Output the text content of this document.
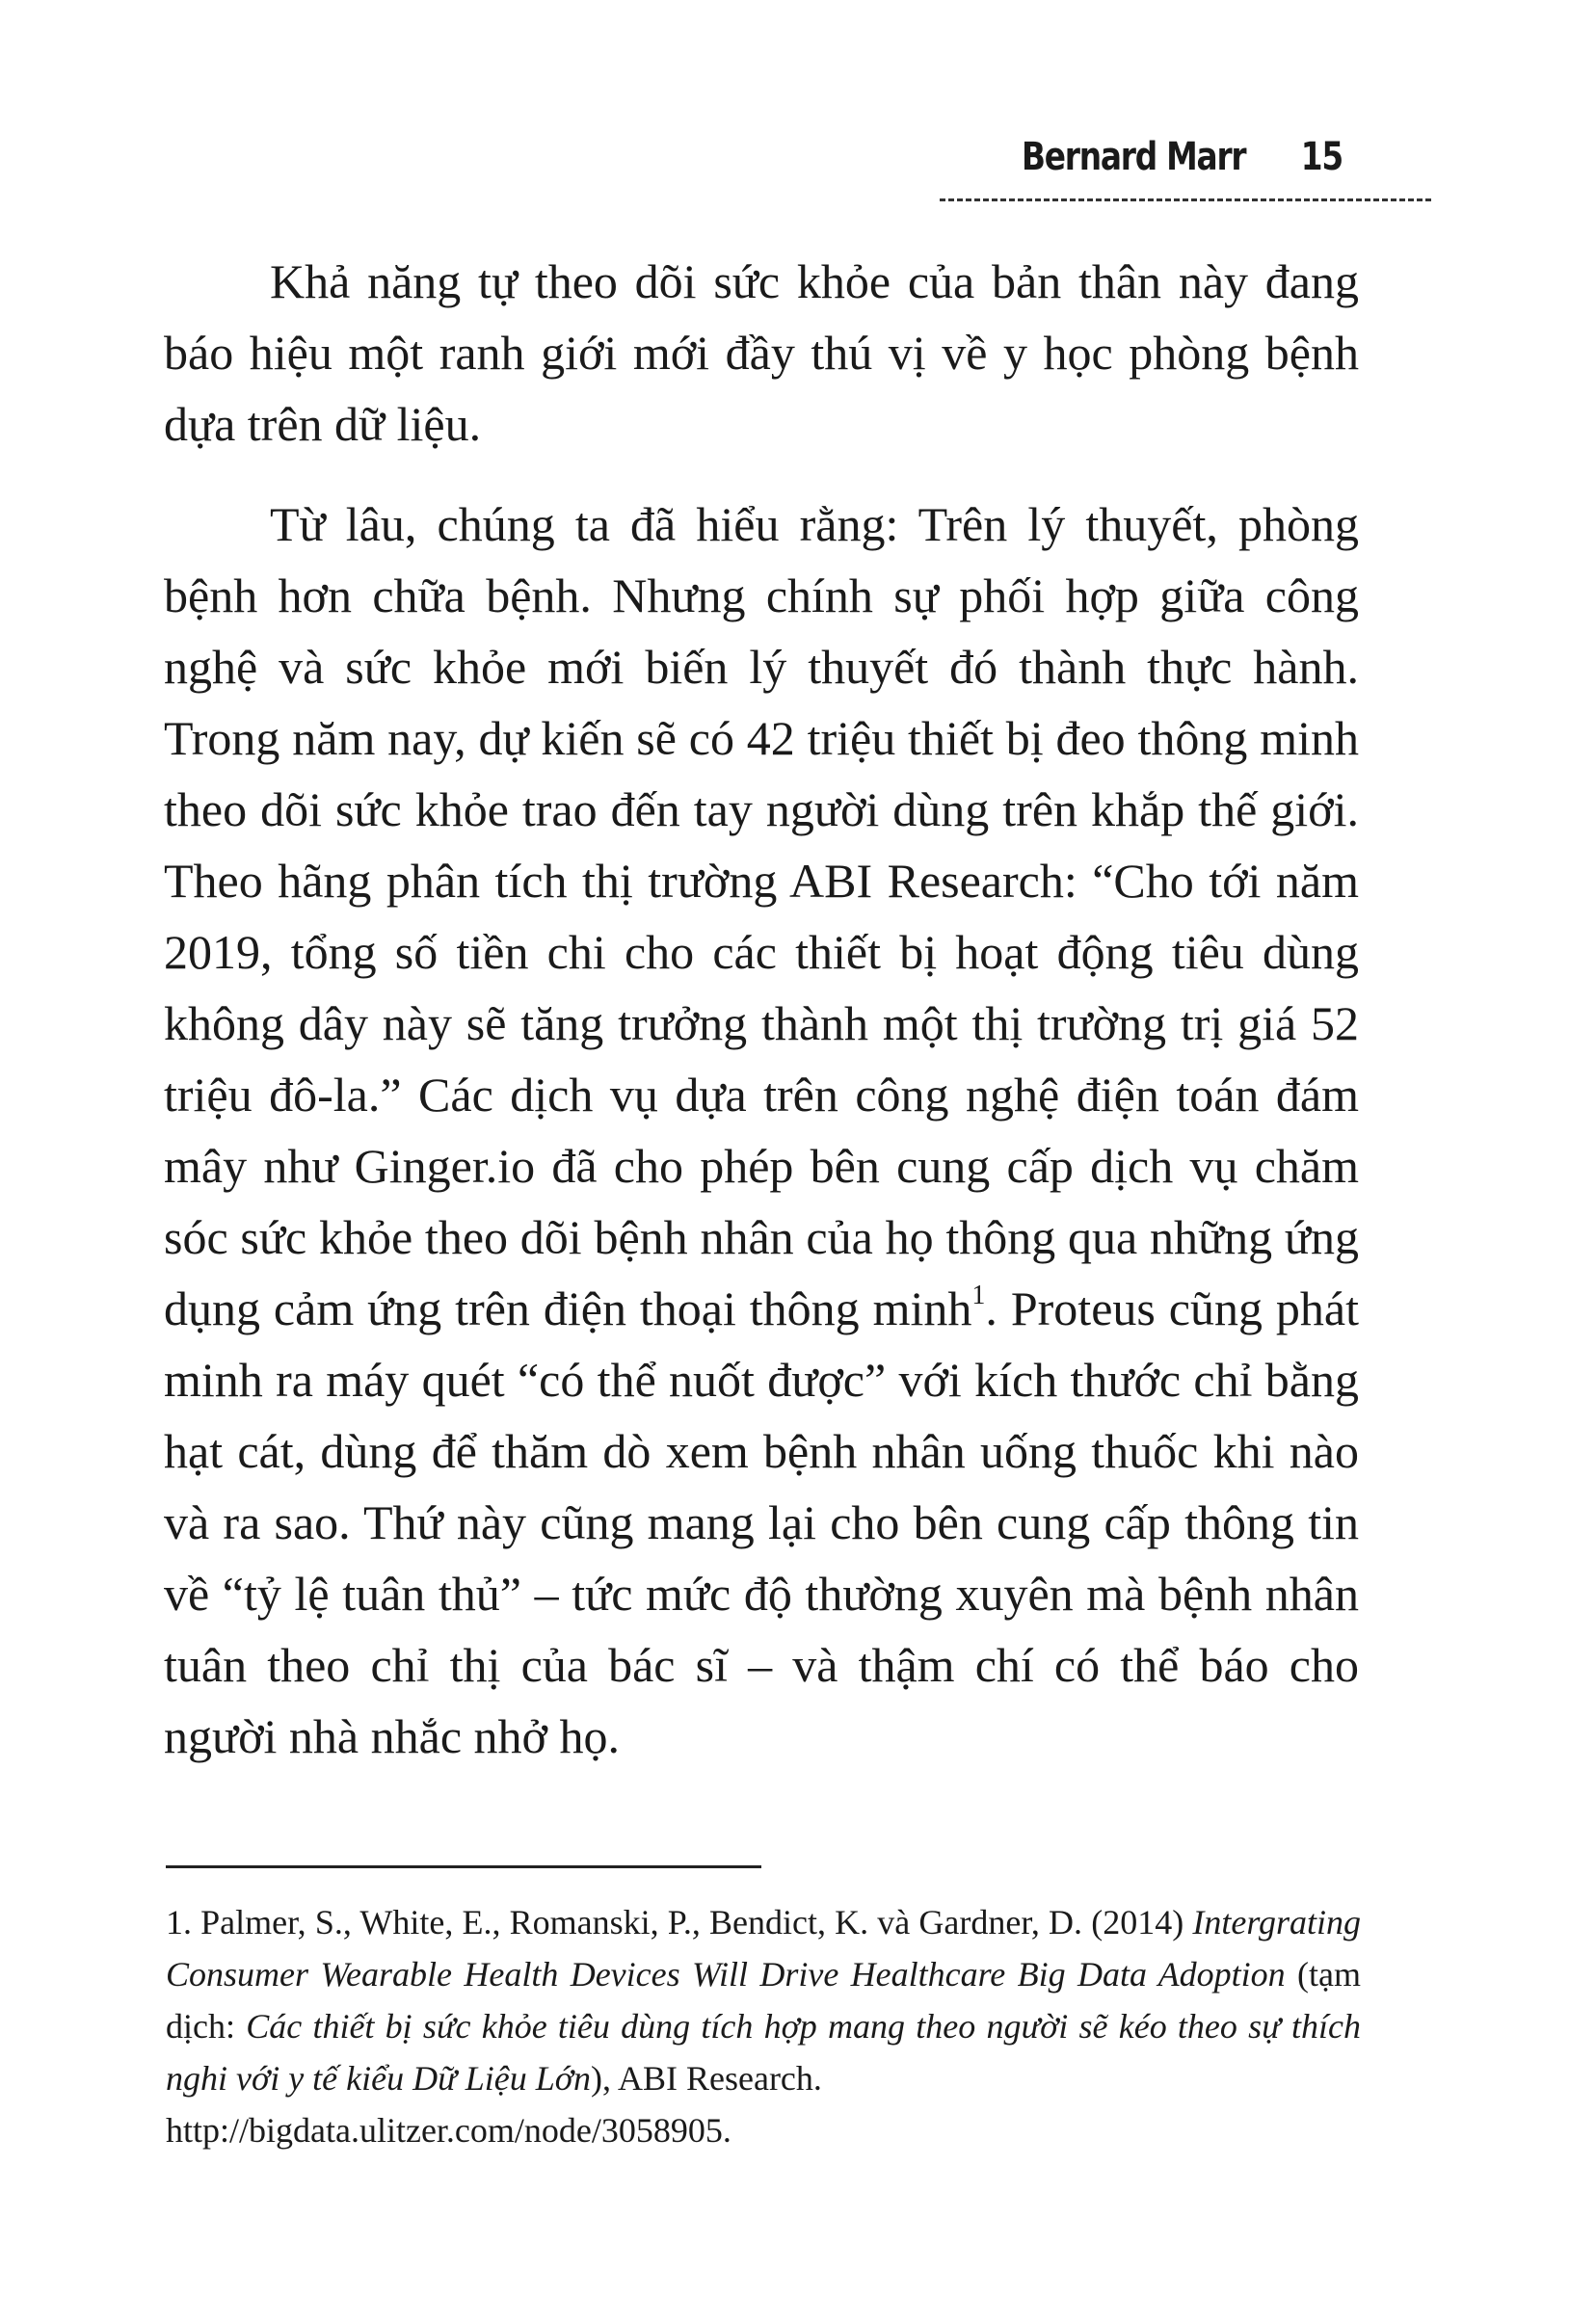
Bernard Marr 15

Khả năng tự theo dõi sức khỏe của bản thân này đang báo hiệu một ranh giới mới đầy thú vị về y học phòng bệnh dựa trên dữ liệu.

Từ lâu, chúng ta đã hiểu rằng: Trên lý thuyết, phòng bệnh hơn chữa bệnh. Nhưng chính sự phối hợp giữa công nghệ và sức khỏe mới biến lý thuyết đó thành thực hành. Trong năm nay, dự kiến sẽ có 42 triệu thiết bị đeo thông minh theo dõi sức khỏe trao đến tay người dùng trên khắp thế giới. Theo hãng phân tích thị trường ABI Research: “Cho tới năm 2019, tổng số tiền chi cho các thiết bị hoạt động tiêu dùng không dây này sẽ tăng trưởng thành một thị trường trị giá 52 triệu đô-la.” Các dịch vụ dựa trên công nghệ điện toán đám mây như Ginger.io đã cho phép bên cung cấp dịch vụ chăm sóc sức khỏe theo dõi bệnh nhân của họ thông qua những ứng dụng cảm ứng trên điện thoại thông minh$^1$. Proteus cũng phát minh ra máy quét “có thể nuốt được” với kích thước chỉ bằng hạt cát, dùng để thăm dò xem bệnh nhân uống thuốc khi nào và ra sao. Thứ này cũng mang lại cho bên cung cấp thông tin về “tỷ lệ tuân thủ” – tức mức độ thường xuyên mà bệnh nhân tuân theo chỉ thị của bác sĩ – và thậm chí có thể báo cho người nhà nhắc nhở họ.

1. Palmer, S., White, E., Romanski, P., Bendict, K. và Gardner, D. (2014) Intergrating Consumer Wearable Health Devices Will Drive Healthcare Big Data Adoption (tạm dịch: Các thiết bị sức khỏe tiêu dùng tích hợp mang theo người sẽ kéo theo sự thích nghi với y tế kiểu Dữ Liệu Lớn), ABI Research.

http://bigdata.ulitzer.com/node/3058905.
